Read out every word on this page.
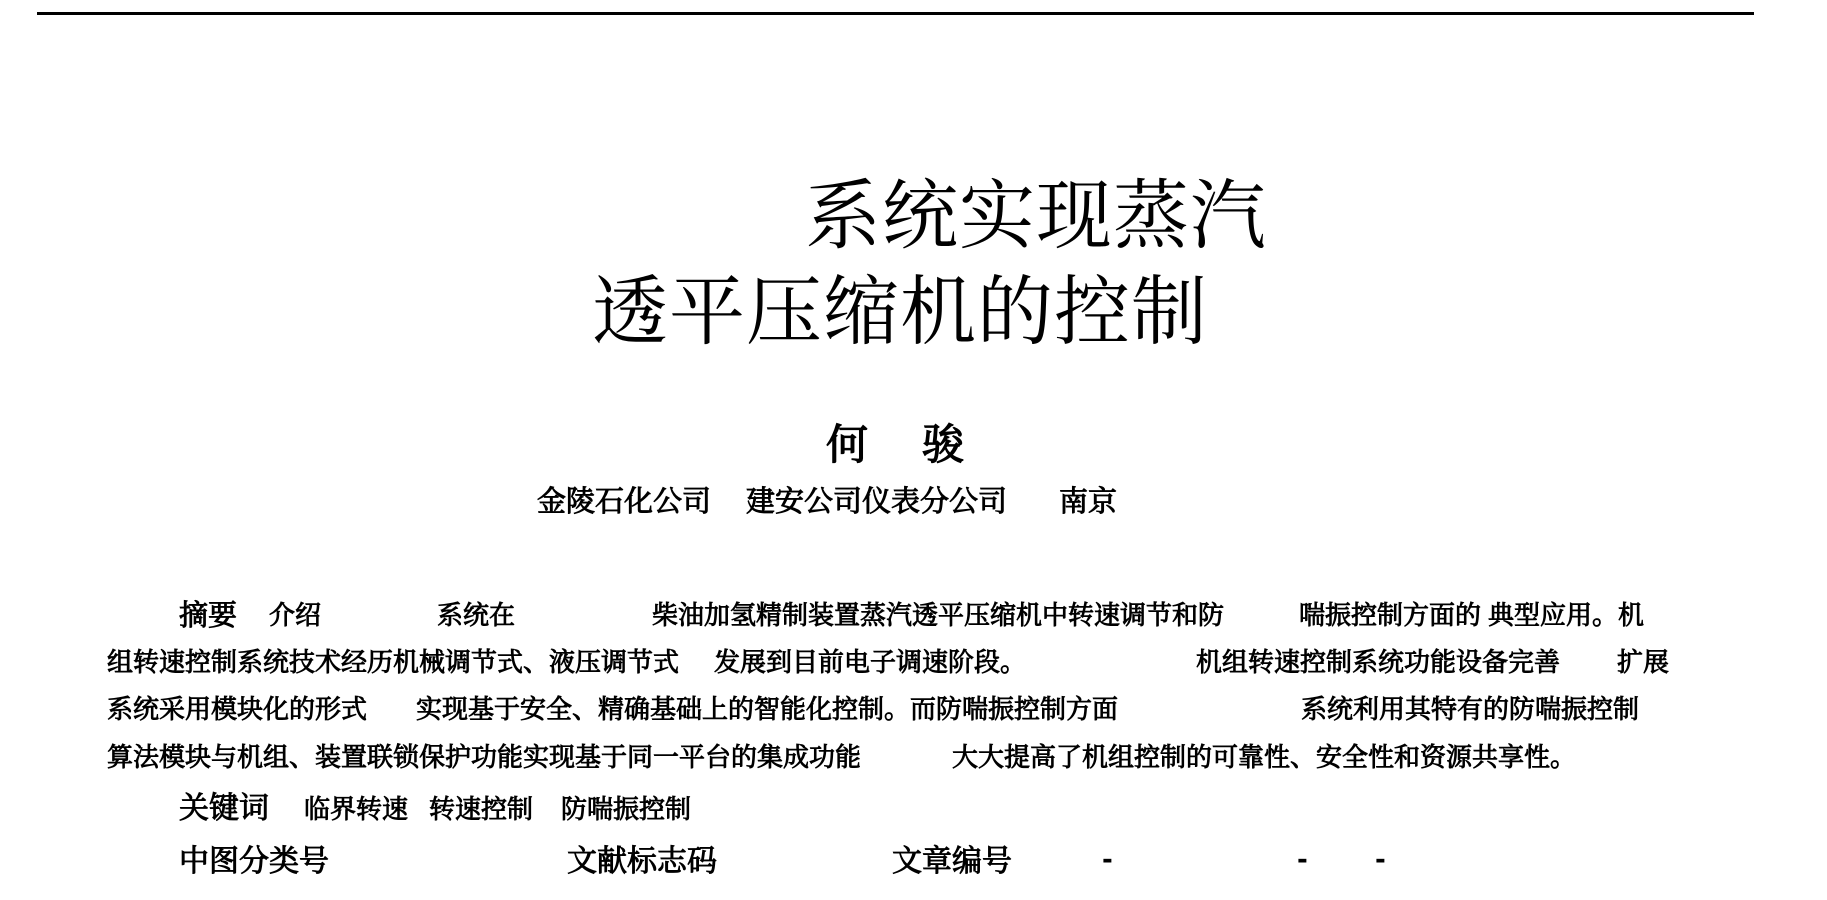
系统实现蒸汽
透平压缩机的控制
何 骏
金陵石化公司 建安公司仪表分公司 南京
摘要 介绍	系统在	柴油加氢精制装置蒸汽透平压缩机中转速调节和防	喘振控制方面的 典型应用。机
组转速控制系统技术经历机械调节式、液压调节式 发展到目前电子调速阶段。	机组转速控制系统功能设备完善 扩展
系统采用模块化的形式 实现基于安全、精确基础上的智能化控制。而防喘振控制方面	系统利用其特有的防喘振控制
算法模块与机组、装置联锁保护功能实现基于同一平台的集成功能	大大提高了机组控制的可靠性、安全性和资源共享性。
关键词 临界转速 转速控制 防喘振控制
中图分类号	文献标志码	文章编号	-	-	-
